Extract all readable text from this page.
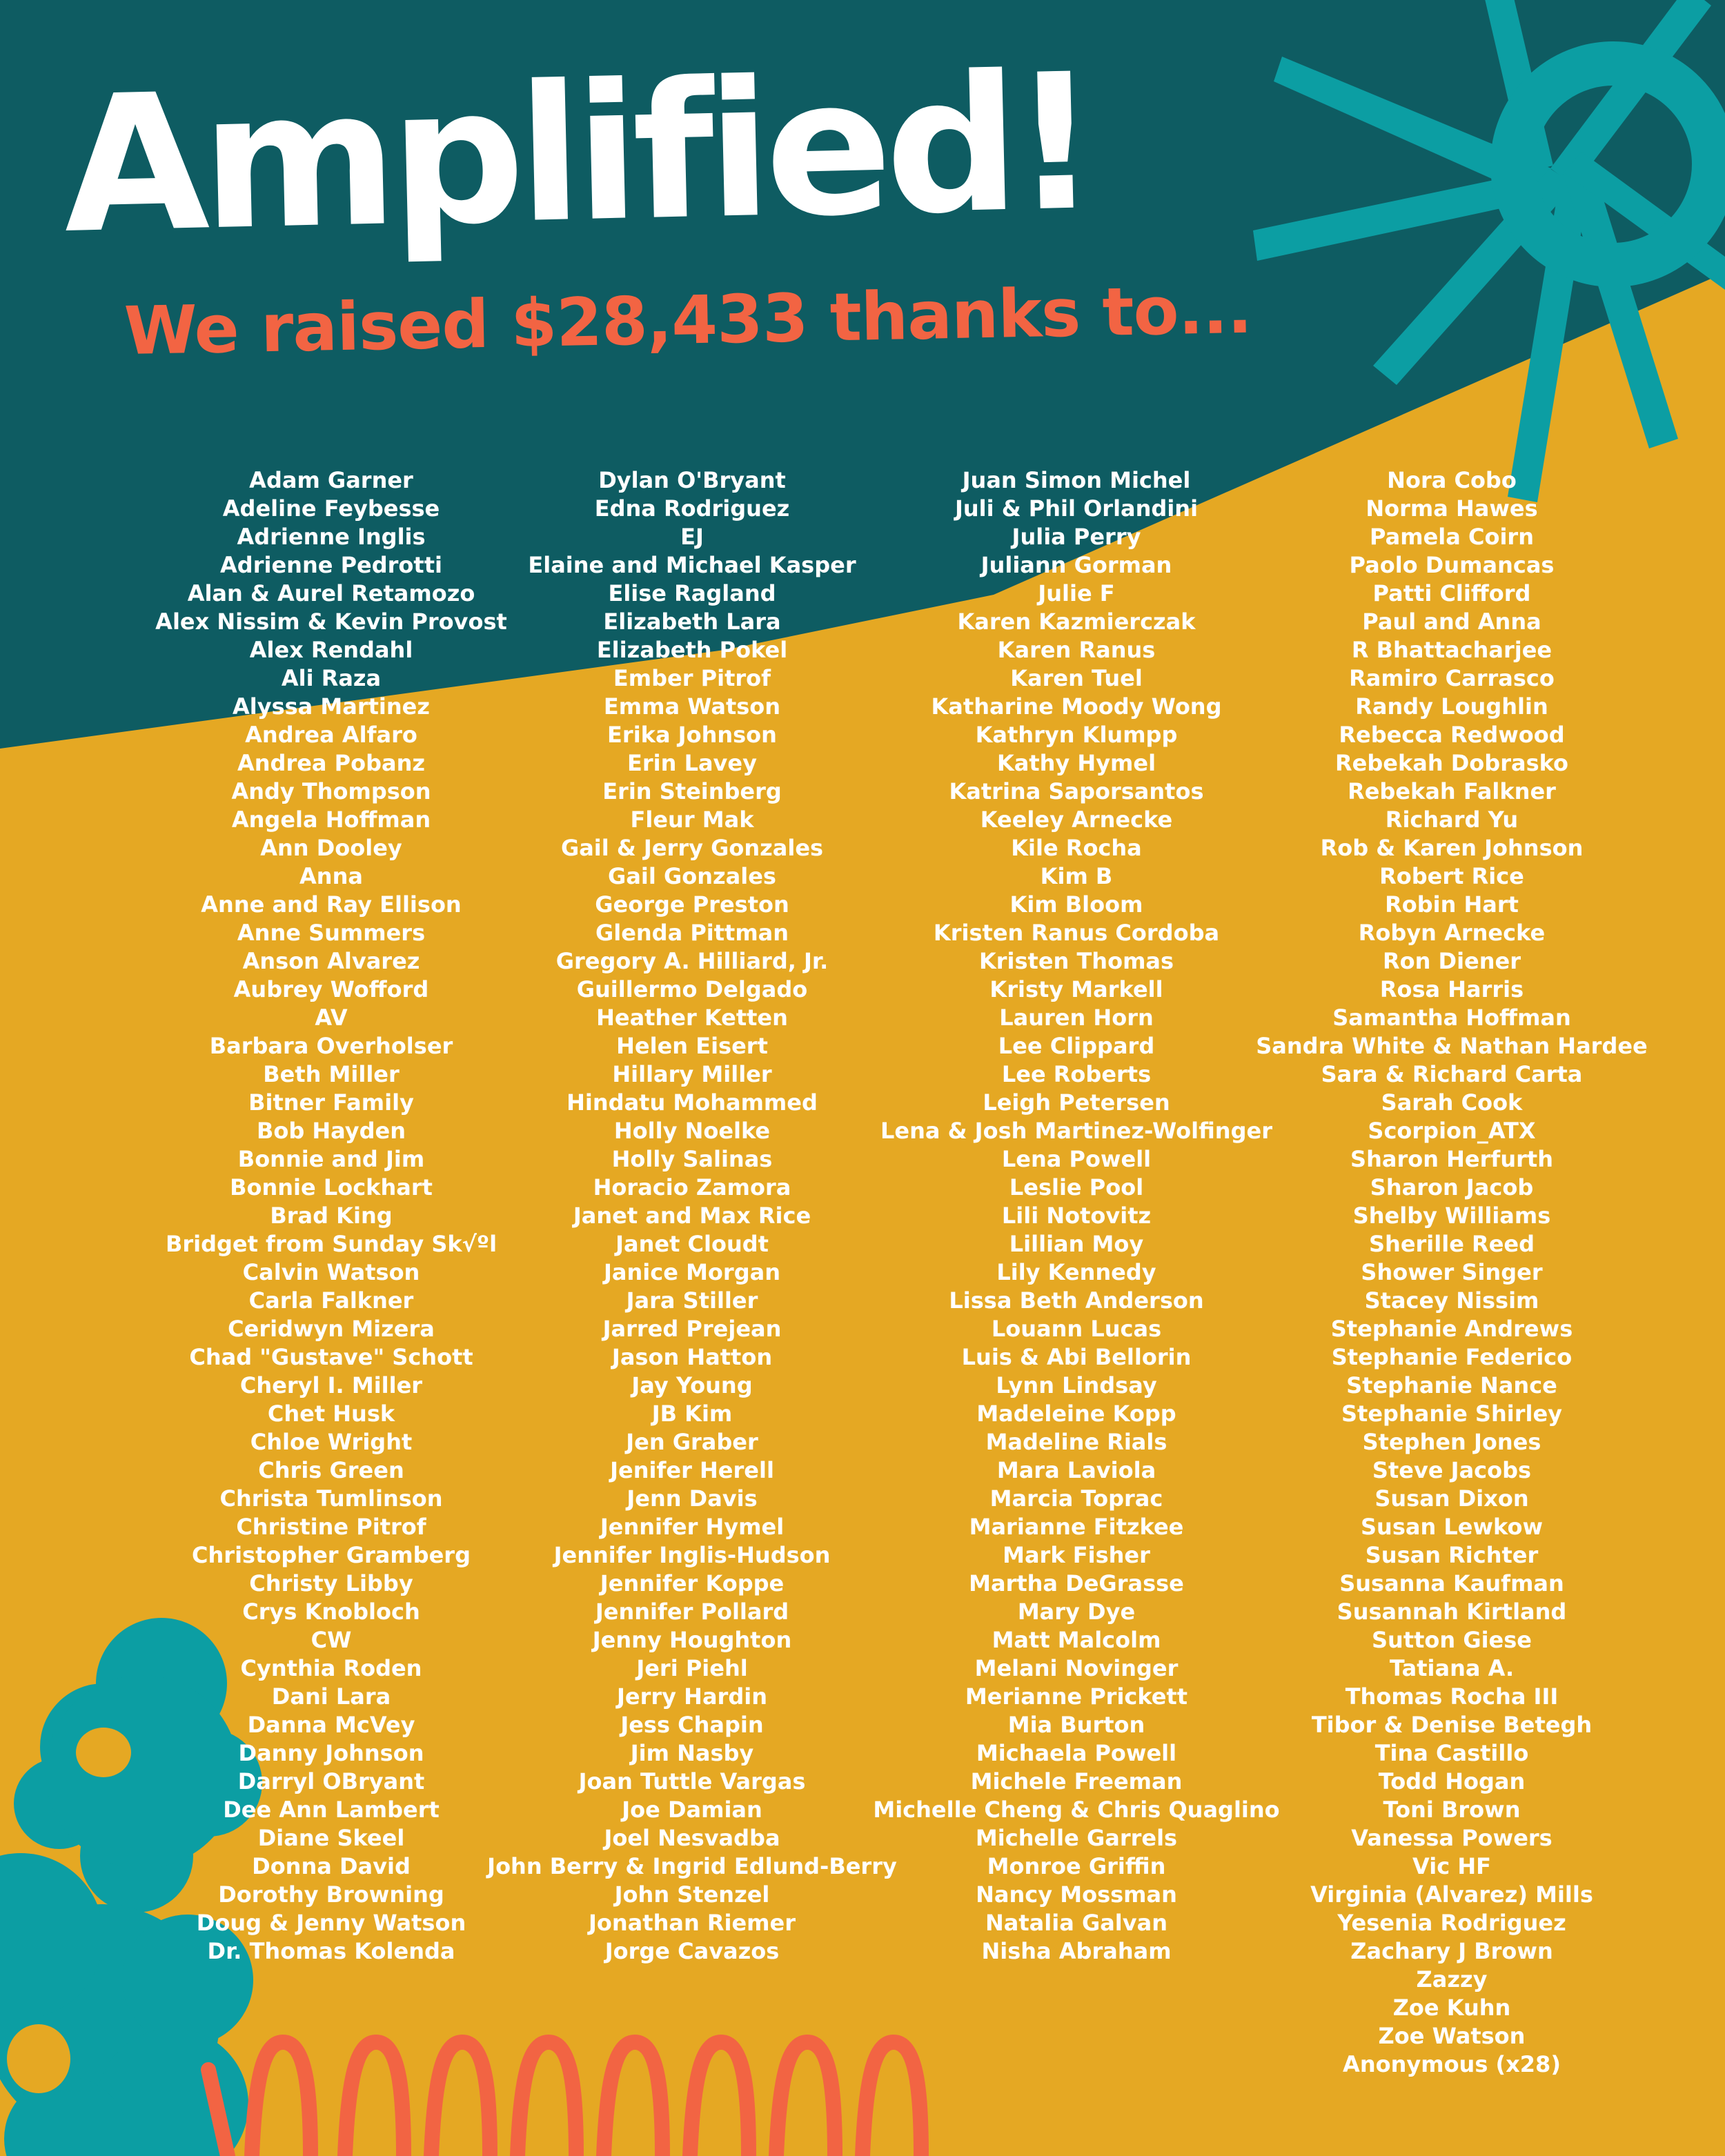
Amplified!
We raised $28,433 thanks to...
Adam Garner
Adeline Feybesse
Adrienne Inglis
Adrienne Pedrotti
Alan & Aurel Retamozo
Alex Nissim & Kevin Provost
Alex Rendahl
Ali Raza
Alyssa Martinez
Andrea Alfaro
Andrea Pobanz
Andy Thompson
Angela Hoffman
Ann Dooley
Anna
Anne and Ray Ellison
Anne Summers
Anson Alvarez
Aubrey Wofford
AV
Barbara Overholser
Beth Miller
Bitner Family
Bob Hayden
Bonnie and Jim
Bonnie Lockhart
Brad King
Bridget from Sunday Sk√ºl
Calvin Watson
Carla Falkner
Ceridwyn Mizera
Chad "Gustave" Schott
Cheryl I. Miller
Chet Husk
Chloe Wright
Chris Green
Christa Tumlinson
Christine Pitrof
Christopher Gramberg
Christy Libby
Crys Knobloch
CW
Cynthia Roden
Dani Lara
Danna McVey
Danny Johnson
Darryl OBryant
Dee Ann Lambert
Diane Skeel
Donna David
Dorothy Browning
Doug & Jenny Watson
Dr. Thomas Kolenda
Dylan O'Bryant
Edna Rodriguez
EJ
Elaine and Michael Kasper
Elise Ragland
Elizabeth Lara
Elizabeth Pokel
Ember Pitrof
Emma Watson
Erika Johnson
Erin Lavey
Erin Steinberg
Fleur Mak
Gail & Jerry Gonzales
Gail Gonzales
George Preston
Glenda Pittman
Gregory A. Hilliard, Jr.
Guillermo Delgado
Heather Ketten
Helen Eisert
Hillary Miller
Hindatu Mohammed
Holly Noelke
Holly Salinas
Horacio Zamora
Janet and Max Rice
Janet Cloudt
Janice Morgan
Jara Stiller
Jarred Prejean
Jason Hatton
Jay Young
JB Kim
Jen Graber
Jenifer Herell
Jenn Davis
Jennifer Hymel
Jennifer Inglis-Hudson
Jennifer Koppe
Jennifer Pollard
Jenny Houghton
Jeri Piehl
Jerry Hardin
Jess Chapin
Jim Nasby
Joan Tuttle Vargas
Joe Damian
Joel Nesvadba
John Berry & Ingrid Edlund-Berry
John Stenzel
Jonathan Riemer
Jorge Cavazos
Juan Simon Michel
Juli & Phil Orlandini
Julia Perry
Juliann Gorman
Julie F
Karen Kazmierczak
Karen Ranus
Karen Tuel
Katharine Moody Wong
Kathryn Klumpp
Kathy Hymel
Katrina Saporsantos
Keeley Arnecke
Kile Rocha
Kim B
Kim Bloom
Kristen Ranus Cordoba
Kristen Thomas
Kristy Markell
Lauren Horn
Lee Clippard
Lee Roberts
Leigh Petersen
Lena & Josh Martinez-Wolfinger
Lena Powell
Leslie Pool
Lili Notovitz
Lillian Moy
Lily Kennedy
Lissa Beth Anderson
Louann Lucas
Luis & Abi Bellorin
Lynn Lindsay
Madeleine Kopp
Madeline Rials
Mara Laviola
Marcia Toprac
Marianne Fitzkee
Mark Fisher
Martha DeGrasse
Mary Dye
Matt Malcolm
Melani Novinger
Merianne Prickett
Mia Burton
Michaela Powell
Michele Freeman
Michelle Cheng & Chris Quaglino
Michelle Garrels
Monroe Griffin
Nancy Mossman
Natalia Galvan
Nisha Abraham
Nora Cobo
Norma Hawes
Pamela Coirn
Paolo Dumancas
Patti Clifford
Paul and Anna
R Bhattacharjee
Ramiro Carrasco
Randy Loughlin
Rebecca Redwood
Rebekah Dobrasko
Rebekah Falkner
Richard Yu
Rob & Karen Johnson
Robert Rice
Robin Hart
Robyn Arnecke
Ron Diener
Rosa Harris
Samantha Hoffman
Sandra White & Nathan Hardee
Sara & Richard Carta
Sarah Cook
Scorpion_ATX
Sharon Herfurth
Sharon Jacob
Shelby Williams
Sherille Reed
Shower Singer
Stacey Nissim
Stephanie Andrews
Stephanie Federico
Stephanie Nance
Stephanie Shirley
Stephen Jones
Steve Jacobs
Susan Dixon
Susan Lewkow
Susan Richter
Susanna Kaufman
Susannah Kirtland
Sutton Giese
Tatiana A.
Thomas Rocha III
Tibor & Denise Betegh
Tina Castillo
Todd Hogan
Toni Brown
Vanessa Powers
Vic HF
Virginia (Alvarez) Mills
Yesenia Rodriguez
Zachary J Brown
Zazzy
Zoe Kuhn
Zoe Watson
Anonymous (x28)
